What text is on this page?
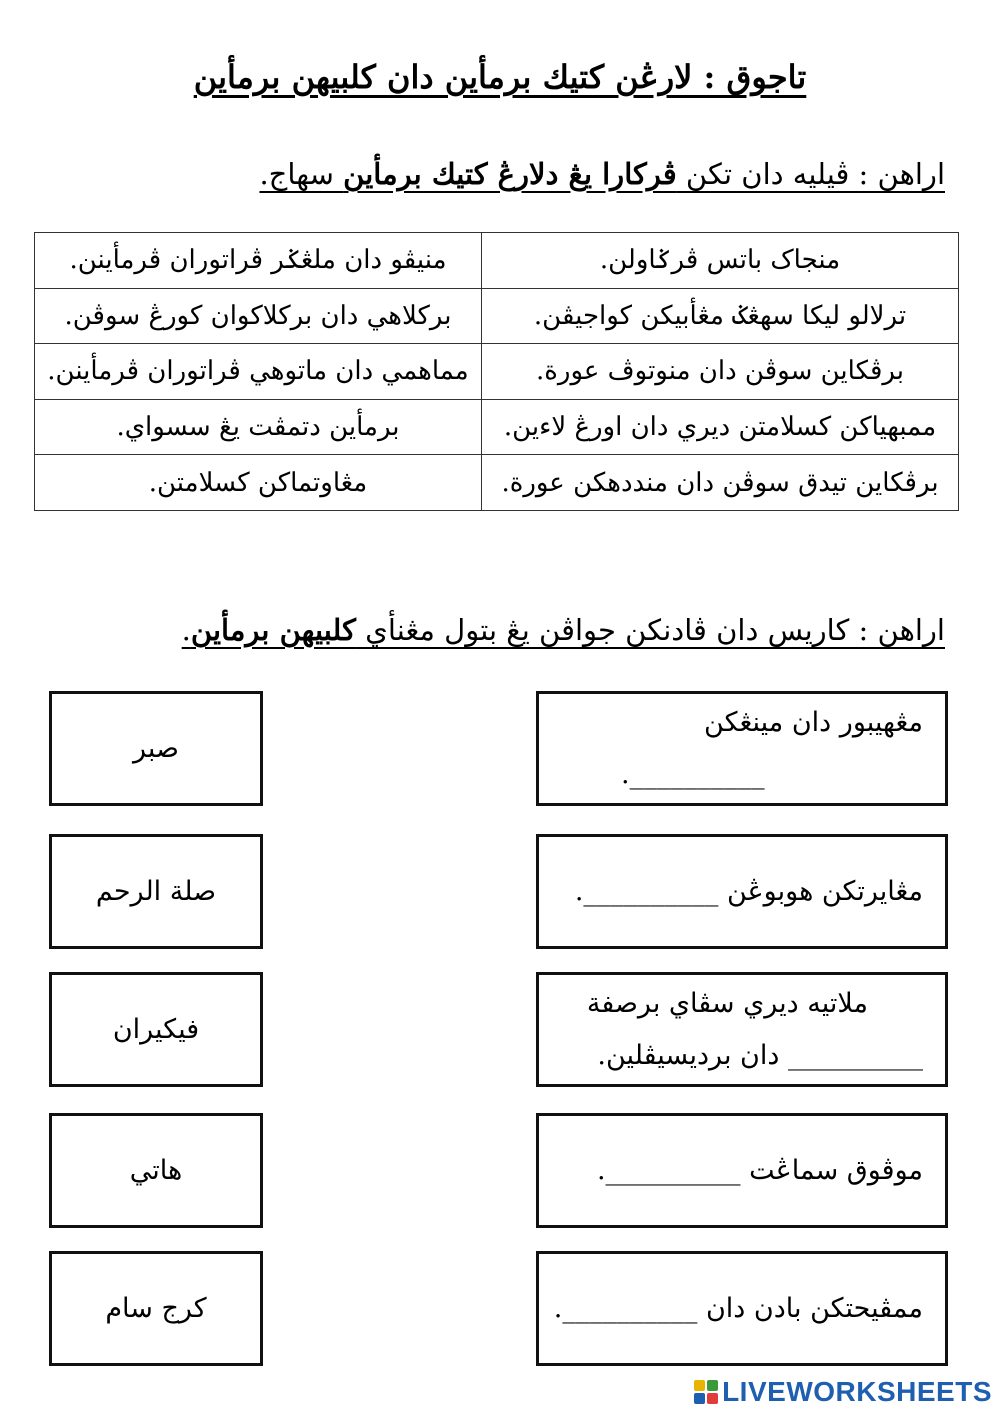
تاجوق : لارڠن كتيك برمأين دان كلبيهن برمأين
اراهن : ڤيليه دان تكن ڤركارا يڠ دلارڠ كتيك برمأين سهاج.
منيڤو دان ملڠݢر ڤراتوران ڤرمأينن.	منجاک باتس ڤرݢاولن.
بركلاهي دان بركلاكوان كورڠ سوڤن.	ترلالو ليكا سهڠݢ مڠأبيكن كواجيڤن.
مماهمي دان ماتوهي ڤراتوران ڤرمأينن.	برڤكاين سوڤن دان منوتوڤ عورة.
برمأين دتمڤت يڠ سسواي.	ممبهياكن كسلامتن ديري دان اورڠ لاءين.
مڠاوتماكن كسلامتن.	برڤكاين تيدق سوڤن دان منددهكن عورة.
اراهن : كاريس دان ڤادنكن جواڤن يڠ بتول مڠنأي كلبيهن برمأين.
صبر
صلة الرحم
فيكيران
هاتي
كرج سام
مڠهيبور دان مينڠكن
__________.
مڠايرتكن هوبوڠن __________.
ملاتيه ديري سڤاي برصفة
__________ دان برديسيڤلين.
موڤوق سماڠت __________.
ممڤيحتكن بادن دان __________.
LIVEWORKSHEETS
